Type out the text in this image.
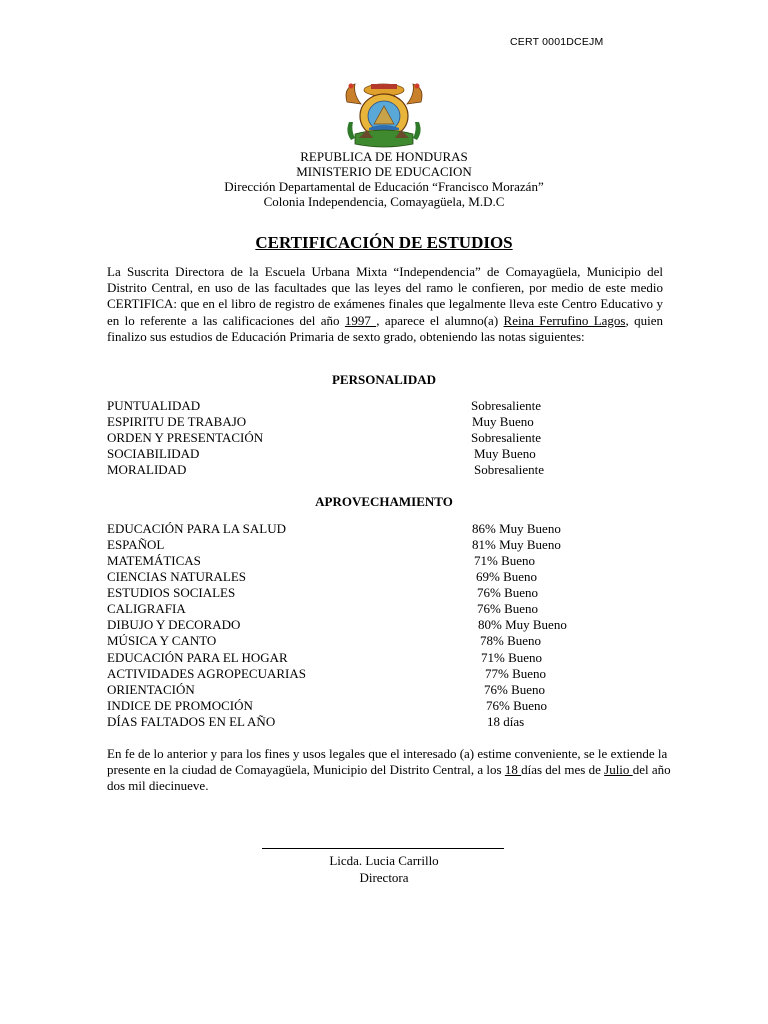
CERT 0001DCEJM
REPUBLICA DE HONDURAS
MINISTERIO DE EDUCACION
Dirección Departamental de Educación “Francisco Morazán”
Colonia Independencia, Comayagüela, M.D.C
CERTIFICACIÓN DE ESTUDIOS
La Suscrita Directora de la Escuela Urbana Mixta “Independencia” de Comayagüela, Municipio del Distrito Central, en uso de las facultades que las leyes del ramo le confieren, por medio de este medio CERTIFICA: que en el libro de registro de exámenes finales que legalmente lleva este Centro Educativo y en lo referente a las calificaciones del año 1997 , aparece el alumno(a) Reina Ferrufino Lagos, quien finalizo sus estudios de Educación Primaria de sexto grado, obteniendo las notas siguientes:
PERSONALIDAD
PUNTUALIDAD	Sobresaliente
ESPIRITU DE TRABAJO	Muy Bueno
ORDEN Y PRESENTACIÓN	Sobresaliente
SOCIABILIDAD	Muy Bueno
MORALIDAD	Sobresaliente
APROVECHAMIENTO
EDUCACIÓN PARA LA SALUD	86% Muy Bueno
ESPAÑOL	81% Muy Bueno
MATEMÁTICAS	71% Bueno
CIENCIAS NATURALES	69% Bueno
ESTUDIOS SOCIALES	76% Bueno
CALIGRAFIA	76% Bueno
DIBUJO Y DECORADO	80% Muy Bueno
MÚSICA Y CANTO	78% Bueno
EDUCACIÓN PARA EL HOGAR	71% Bueno
ACTIVIDADES AGROPECUARIAS	77% Bueno
ORIENTACIÓN	76% Bueno
INDICE DE PROMOCIÓN	76% Bueno
DÍAS FALTADOS EN EL AÑO	18 días
En fe de lo anterior y para los fines y usos legales que el interesado (a) estime conveniente, se le extiende la presente en la ciudad de Comayagüela, Municipio del Distrito Central, a los 18 días del mes de Julio del año dos mil diecinueve.
Licda. Lucia Carrillo
Directora
